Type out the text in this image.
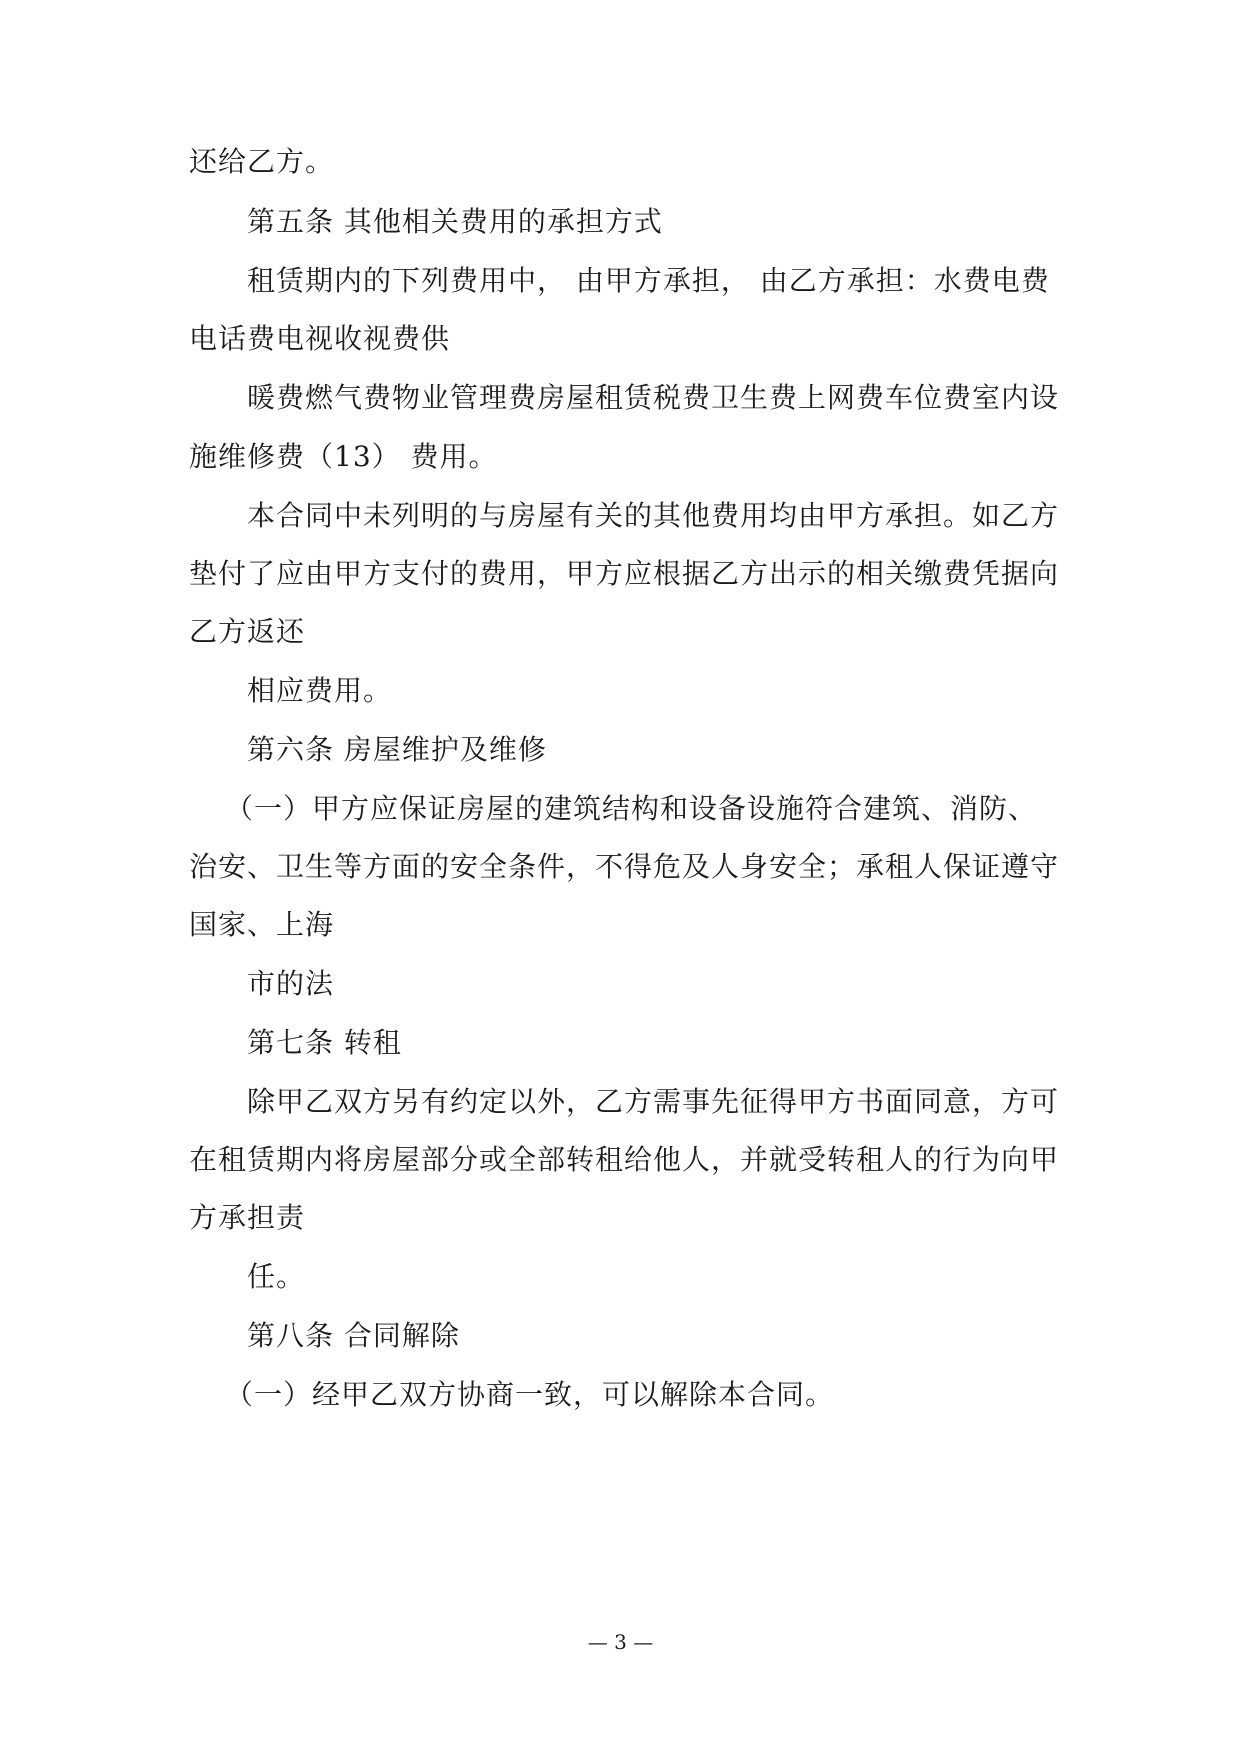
还给乙方。
第五条 其他相关费用的承担方式
租赁期内的下列费用中， 由甲方承担， 由乙方承担：水费电费
电话费电视收视费供
暖费燃气费物业管理费房屋租赁税费卫生费上网费车位费室内设
施维修费（13） 费用。
本合同中未列明的与房屋有关的其他费用均由甲方承担。如乙方
垫付了应由甲方支付的费用，甲方应根据乙方出示的相关缴费凭据向
乙方返还
相应费用。
第六条 房屋维护及维修
（一）甲方应保证房屋的建筑结构和设备设施符合建筑、消防、
治安、卫生等方面的安全条件，不得危及人身安全；承租人保证遵守
国家、上海
市的法
第七条 转租
除甲乙双方另有约定以外，乙方需事先征得甲方书面同意，方可
在租赁期内将房屋部分或全部转租给他人，并就受转租人的行为向甲
方承担责
任。
第八条 合同解除
（一）经甲乙双方协商一致，可以解除本合同。
— 3 —
